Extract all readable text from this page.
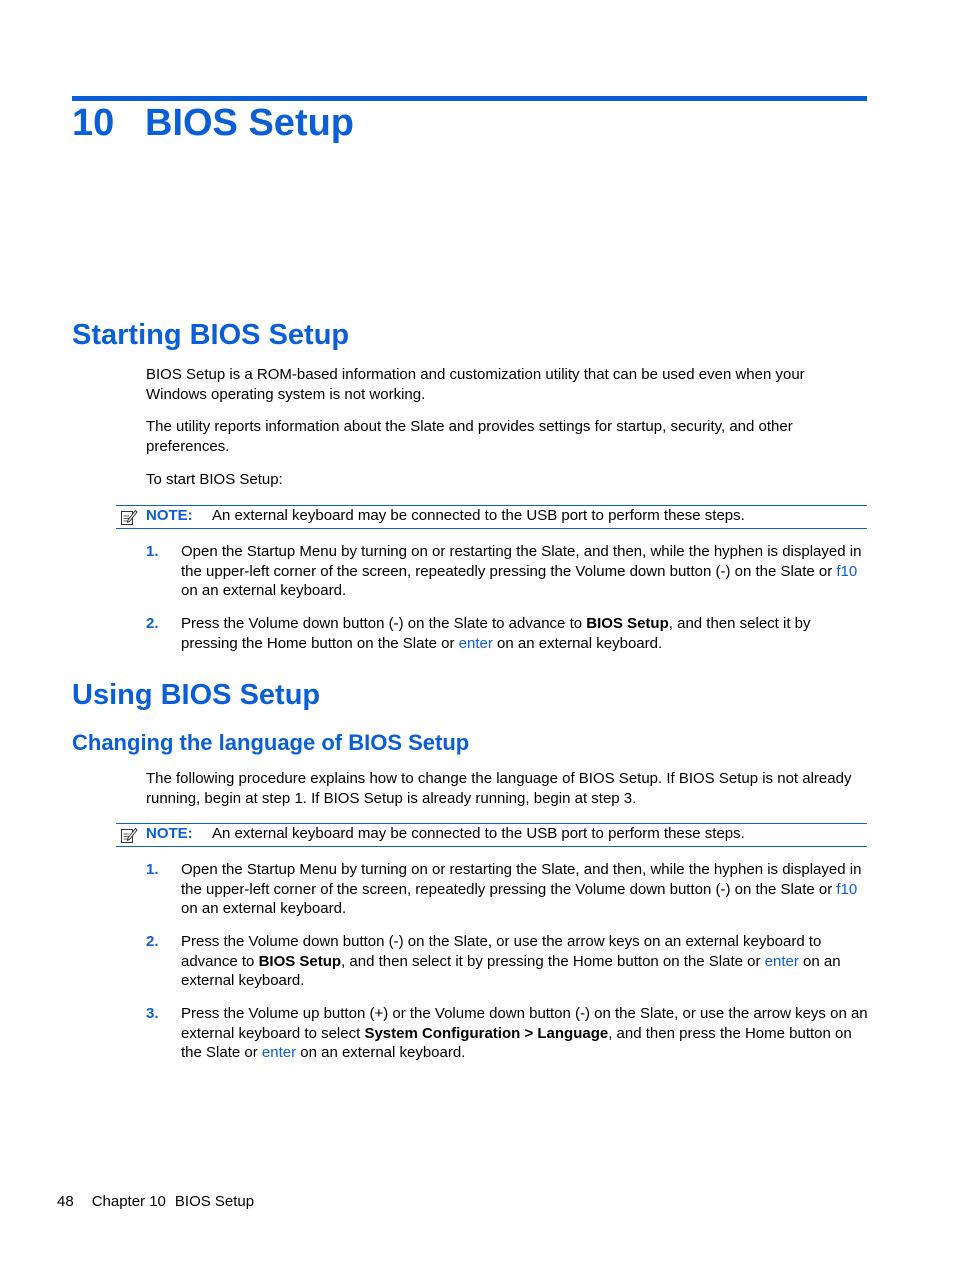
10 BIOS Setup
Starting BIOS Setup

BIOS Setup is a ROM-based information and customization utility that can be used even when your Windows operating system is not working.

The utility reports information about the Slate and provides settings for startup, security, and other preferences.

To start BIOS Setup:

NOTE: An external keyboard may be connected to the USB port to perform these steps.
1. Open the Startup Menu by turning on or restarting the Slate, and then, while the hyphen is displayed in the upper-left corner of the screen, repeatedly pressing the Volume down button (-) on the Slate or f10 on an external keyboard.
2. Press the Volume down button (-) on the Slate to advance to BIOS Setup, and then select it by pressing the Home button on the Slate or enter on an external keyboard.
Using BIOS Setup
Changing the language of BIOS Setup

The following procedure explains how to change the language of BIOS Setup. If BIOS Setup is not already running, begin at step 1. If BIOS Setup is already running, begin at step 3.

NOTE: An external keyboard may be connected to the USB port to perform these steps.
1. Open the Startup Menu by turning on or restarting the Slate, and then, while the hyphen is displayed in the upper-left corner of the screen, repeatedly pressing the Volume down button (-) on the Slate or f10 on an external keyboard.
2. Press the Volume down button (-) on the Slate, or use the arrow keys on an external keyboard to advance to BIOS Setup, and then select it by pressing the Home button on the Slate or enter on an external keyboard.
3. Press the Volume up button (+) or the Volume down button (-) on the Slate, or use the arrow keys on an external keyboard to select System Configuration > Language, and then press the Home button on the Slate or enter on an external keyboard.
48 Chapter 10 BIOS Setup
